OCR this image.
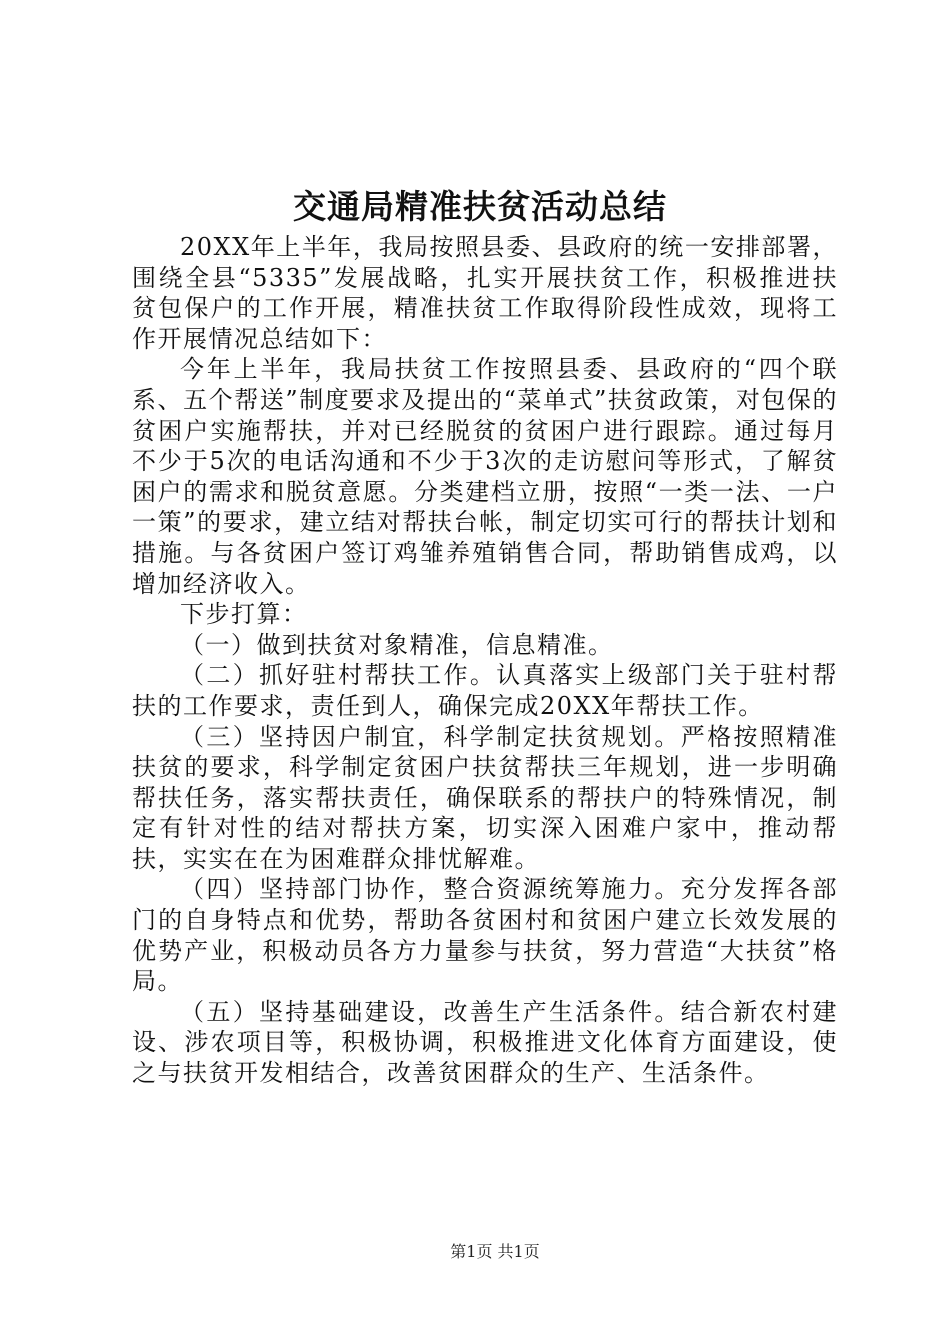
交通局精准扶贫活动总结

20XX年上半年，我局按照县委、县政府的统一安排部署，围绕全县“5335”发展战略，扎实开展扶贫工作，积极推进扶贫包保户的工作开展，精准扶贫工作取得阶段性成效，现将工作开展情况总结如下：

今年上半年，我局扶贫工作按照县委、县政府的“四个联系、五个帮送”制度要求及提出的“菜单式”扶贫政策，对包保的贫困户实施帮扶，并对已经脱贫的贫困户进行跟踪。通过每月不少于5次的电话沟通和不少于3次的走访慰问等形式，了解贫困户的需求和脱贫意愿。分类建档立册，按照“一类一法、一户一策”的要求，建立结对帮扶台帐，制定切实可行的帮扶计划和措施。与各贫困户签订鸡雏养殖销售合同，帮助销售成鸡，以增加经济收入。

下步打算：

（一）做到扶贫对象精准，信息精准。

（二）抓好驻村帮扶工作。认真落实上级部门关于驻村帮扶的工作要求，责任到人，确保完成20XX年帮扶工作。

（三）坚持因户制宜，科学制定扶贫规划。严格按照精准扶贫的要求，科学制定贫困户扶贫帮扶三年规划，进一步明确帮扶任务，落实帮扶责任，确保联系的帮扶户的特殊情况，制定有针对性的结对帮扶方案，切实深入困难户家中，推动帮扶，实实在在为困难群众排忧解难。

（四）坚持部门协作，整合资源统筹施力。充分发挥各部门的自身特点和优势，帮助各贫困村和贫困户建立长效发展的优势产业，积极动员各方力量参与扶贫，努力营造“大扶贫”格局。

（五）坚持基础建设，改善生产生活条件。结合新农村建设、涉农项目等，积极协调，积极推进文化体育方面建设，使之与扶贫开发相结合，改善贫困群众的生产、生活条件。

第1页 共1页
